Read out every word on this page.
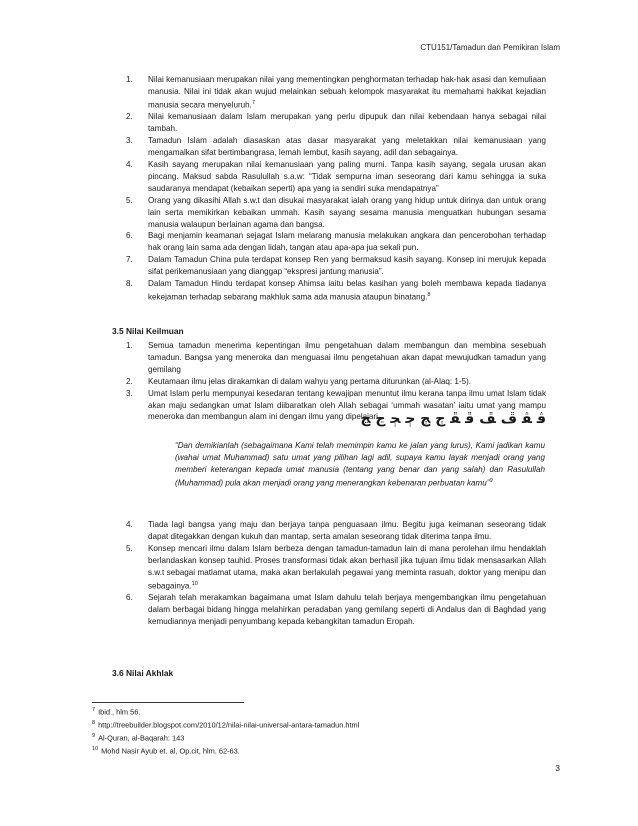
CTU151/Tamadun dan Pemikiran Islam
1.	Nilai kemanusiaan merupakan nilai yang mementingkan penghormatan terhadap hak-hak asasi dan kemuliaan manusia. Nilai ini tidak akan wujud melainkan sebuah kelompok masyarakat itu memahami hakikat kejadian manusia secara menyeluruh.$^7$
2.	Nilai kemanusiaan dalam Islam merupakan yang perlu dipupuk dan nilai kebendaan hanya sebagai nilai tambah.
3.	Tamadun Islam adalah diasaskan atas dasar masyarakat yang meletakkan nilai kemanusiaan yang mengamalkan sifat bertimbangrasa, lemah lembut, kasih sayang, adil dan sebagainya.
4.	Kasih sayang merupakan nilai kemanusiaan yang paling murni. Tanpa kasih sayang, segala urusan akan pincang. Maksud sabda Rasulullah s.a.w: “Tidak sempurna iman seseorang dari kamu sehingga ia suka saudaranya mendapat (kebaikan seperti) apa yang ia sendiri suka mendapatnya”
5.	Orang yang dikasihi Allah s.w.t dan disukai masyarakat ialah orang yang hidup untuk dirinya dan untuk orang lain serta memikirkan kebaikan ummah. Kasih sayang sesama manusia menguatkan hubungan sesama manusia walaupun berlainan agama dan bangsa.
6.	Bagi menjamin keamanan sejagat Islam melarang manusia melakukan angkara dan pencerobohan terhadap hak orang lain sama ada dengan lidah, tangan atau apa-apa jua sekali pun.
7.	Dalam Tamadun China pula terdapat konsep Ren yang bermaksud kasih sayang. Konsep ini merujuk kepada sifat perikemanusiaan yang dianggap “ekspresi jantung manusia”.
8.	Dalam Tamadun Hindu terdapat konsep Ahimsa iaitu belas kasihan yang boleh membawa kepada tiadanya kekejaman terhadap sebarang makhluk sama ada manusia ataupun binatang.$^8$
3.5 Nilai Keilmuan
1.	Semua tamadun menerima kepentingan ilmu pengetahuan dalam membangun dan membina sesebuah tamadun. Bangsa yang meneroka dan menguasai ilmu pengetahuan akan dapat mewujudkan tamadun yang gemilang
2.	Keutamaan ilmu jelas dirakamkan di dalam wahyu yang pertama diturunkan (al-Alaq: 1-5).
3.	Umat Islam perlu mempunyai kesedaran tentang kewajipan menuntut ilmu kerana tanpa ilmu umat Islam tidak akan maju sedangkan umat Islam diibaratkan oleh Allah sebagai ‘ummah wasatan’ iaitu umat yang mampu meneroka dan membangun alam ini dengan ilmu yang dipelajari.
ﭬ ﭭ ﭮ ﭯ ﭰ ﭱ ﭲ ﭳ ﭴ ﭵ ﭶ ﭷ
“Dan demikianlah (sebagaimana Kami telah memimpin kamu ke jalan yang lurus), Kami jadikan kamu (wahai umat Muhammad) satu umat yang pilihan lagi adil, supaya kamu layak menjadi orang yang memberi keterangan kepada umat manusia (tentang yang benar dan yang salah) dan Rasulullah (Muhammad) pula akan menjadi orang yang menerangkan kebenaran perbuatan kamu”$^9$
4.	Tiada lagi bangsa yang maju dan berjaya tanpa penguasaan ilmu. Begitu juga keimanan seseorang tidak dapat ditegakkan dengan kukuh dan mantap, serta amalan seseorang tidak diterima tanpa ilmu.
5.	Konsep mencari ilmu dalam Islam berbeza dengan tamadun-tamadun lain di mana perolehan ilmu hendaklah berlandaskan konsep tauhid. Proses transformasi tidak akan berhasil jika tujuan ilmu tidak mensasarkan Allah s.w.t sebagai matlamat utama, maka akan berlakulah pegawai yang meminta rasuah, doktor yang menipu dan sebagainya.$^{10}$
6.	Sejarah telah merakamkan bagaimana umat Islam dahulu telah berjaya mengembangkan ilmu pengetahuan dalam berbagai bidang hingga melahirkan peradaban yang gemilang seperti di Andalus dan di Baghdad yang kemudiannya menjadi penyumbang kepada kebangkitan tamadun Eropah.
3.6 Nilai Akhlak
$^7$ Ibid., hlm 56.
$^8$ http://treebuilder.blogspot.com/2010/12/nilai-nilai-universal-antara-tamadun.html
$^9$ Al-Quran, al-Baqarah: 143
$^{10}$ Mohd Nasir Ayub et. al, Op.cit, hlm. 62-63.
3
